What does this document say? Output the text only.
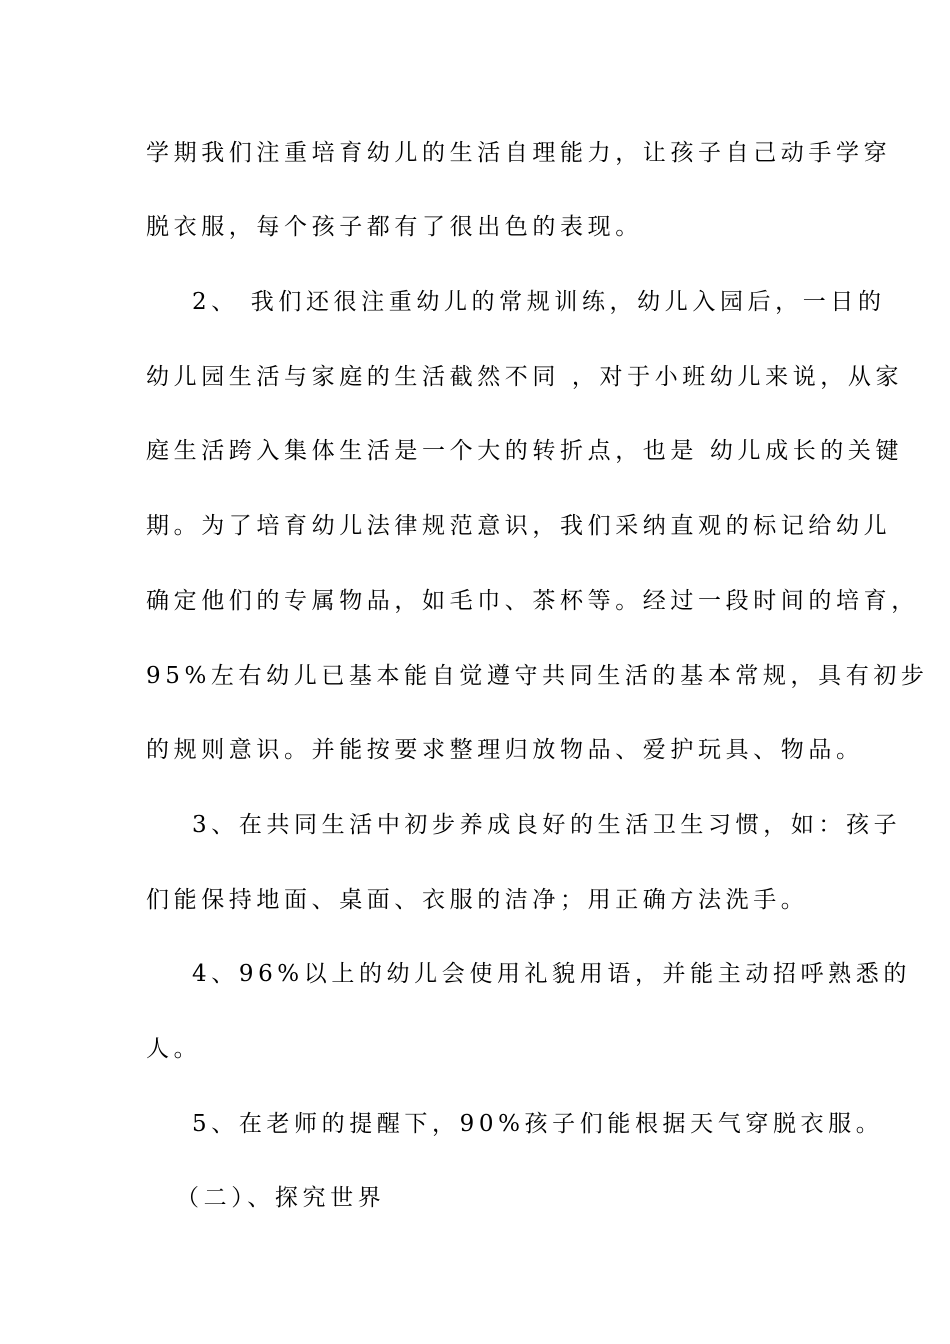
学期我们注重培育幼儿的生活自理能力，让孩子自己动手学穿
脱衣服，每个孩子都有了很出色的表现。
2、 我们还很注重幼儿的常规训练，幼儿入园后，一日的
幼儿园生活与家庭的生活截然不同 ，对于小班幼儿来说，从家
庭生活跨入集体生活是一个大的转折点，也是 幼儿成长的关键
期。为了培育幼儿法律规范意识，我们采纳直观的标记给幼儿
确定他们的专属物品，如毛巾、茶杯等。经过一段时间的培育，
95%左右幼儿已基本能自觉遵守共同生活的基本常规，具有初步
的规则意识。并能按要求整理归放物品、爱护玩具、物品。
3、在共同生活中初步养成良好的生活卫生习惯，如：孩子
们能保持地面、桌面、衣服的洁净；用正确方法洗手。
4、96%以上的幼儿会使用礼貌用语，并能主动招呼熟悉的
人。
5、在老师的提醒下，90%孩子们能根据天气穿脱衣服。
（二）、探究世界
